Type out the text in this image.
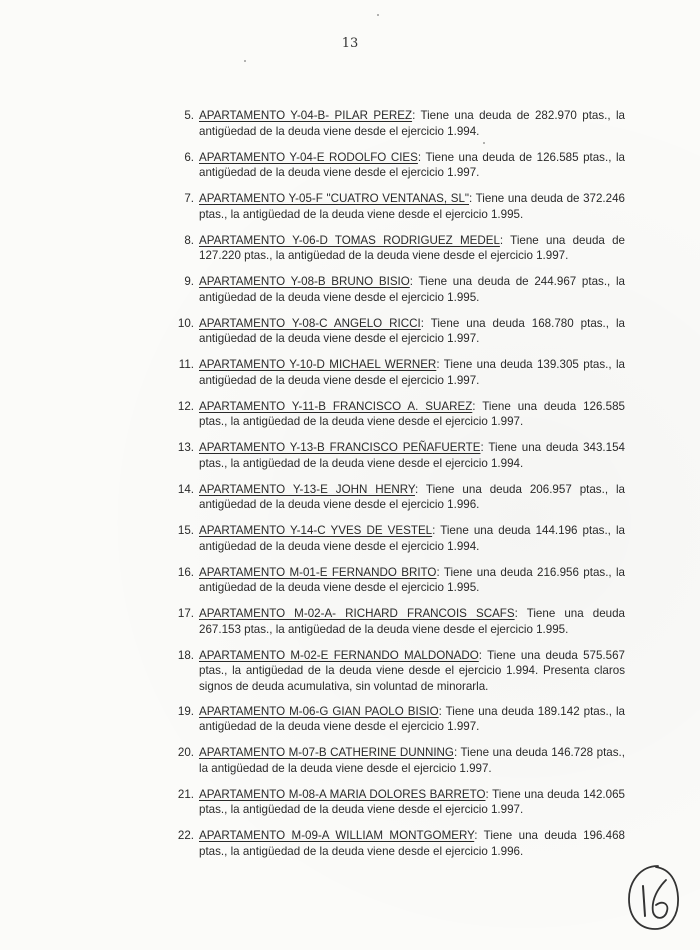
13
5. APARTAMENTO Y-04-B- PILAR PEREZ: Tiene una deuda de 282.970 ptas., la antigüedad de la deuda viene desde el ejercicio 1.994.
6. APARTAMENTO Y-04-E RODOLFO CIES: Tiene una deuda de 126.585 ptas., la antigüedad de la deuda viene desde el ejercicio 1.997.
7. APARTAMENTO Y-05-F "CUATRO VENTANAS, SL": Tiene una deuda de 372.246 ptas., la antigüedad de la deuda viene desde el ejercicio 1.995.
8. APARTAMENTO Y-06-D TOMAS RODRIGUEZ MEDEL: Tiene una deuda de 127.220 ptas., la antigüedad de la deuda viene desde el ejercicio 1.997.
9. APARTAMENTO Y-08-B BRUNO BISIO: Tiene una deuda de 244.967 ptas., la antigüedad de la deuda viene desde el ejercicio 1.995.
10. APARTAMENTO Y-08-C ANGELO RICCI: Tiene una deuda 168.780 ptas., la antigüedad de la deuda viene desde el ejercicio 1.997.
11. APARTAMENTO Y-10-D MICHAEL WERNER: Tiene una deuda 139.305 ptas., la antigüedad de la deuda viene desde el ejercicio 1.997.
12. APARTAMENTO Y-11-B FRANCISCO A. SUAREZ: Tiene una deuda 126.585 ptas., la antigüedad de la deuda viene desde el ejercicio 1.997.
13. APARTAMENTO Y-13-B FRANCISCO PEÑAFUERTE: Tiene una deuda 343.154 ptas., la antigüedad de la deuda viene desde el ejercicio 1.994.
14. APARTAMENTO Y-13-E JOHN HENRY: Tiene una deuda 206.957 ptas., la antigüedad de la deuda viene desde el ejercicio 1.996.
15. APARTAMENTO Y-14-C YVES DE VESTEL: Tiene una deuda 144.196 ptas., la antigüedad de la deuda viene desde el ejercicio 1.994.
16. APARTAMENTO M-01-E FERNANDO BRITO: Tiene una deuda 216.956 ptas., la antigüedad de la deuda viene desde el ejercicio 1.995.
17. APARTAMENTO M-02-A- RICHARD FRANCOIS SCAFS: Tiene una deuda 267.153 ptas., la antigüedad de la deuda viene desde el ejercicio 1.995.
18. APARTAMENTO M-02-E FERNANDO MALDONADO: Tiene una deuda 575.567 ptas., la antigüedad de la deuda viene desde el ejercicio 1.994. Presenta claros signos de deuda acumulativa, sin voluntad de minorarla.
19. APARTAMENTO M-06-G GIAN PAOLO BISIO: Tiene una deuda 189.142 ptas., la antigüedad de la deuda viene desde el ejercicio 1.997.
20. APARTAMENTO M-07-B CATHERINE DUNNING: Tiene una deuda 146.728 ptas., la antigüedad de la deuda viene desde el ejercicio 1.997.
21. APARTAMENTO M-08-A MARIA DOLORES BARRETO: Tiene una deuda 142.065 ptas., la antigüedad de la deuda viene desde el ejercicio 1.997.
22. APARTAMENTO M-09-A WILLIAM MONTGOMERY: Tiene una deuda 196.468 ptas., la antigüedad de la deuda viene desde el ejercicio 1.996.
